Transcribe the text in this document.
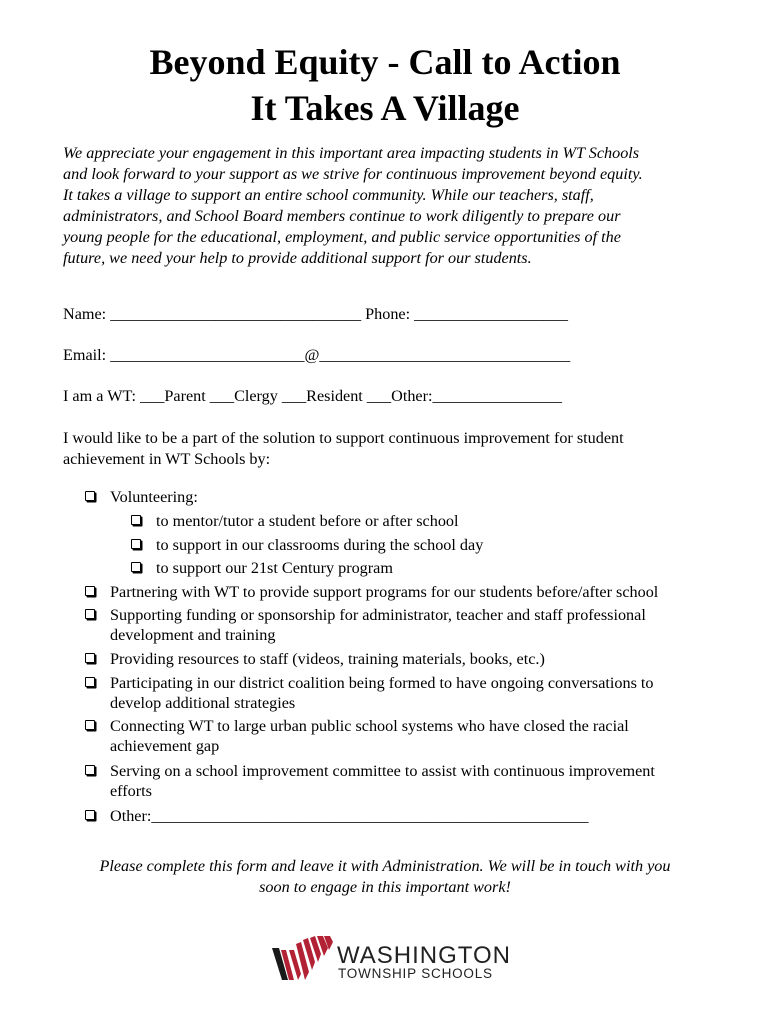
Beyond Equity - Call to Action
It Takes A Village
We appreciate your engagement in this important area impacting students in WT Schools
and look forward to your support as we strive for continuous improvement beyond equity.
It takes a village to support an entire school community. While our teachers, staff,
administrators, and School Board members continue to work diligently to prepare our
young people for the educational, employment, and public service opportunities of the
future, we need your help to provide additional support for our students.
Name: _______________________________ Phone: ___________________
Email: ________________________@_______________________________
I am a WT: ___Parent ___Clergy ___Resident ___Other:________________
I would like to be a part of the solution to support continuous improvement for student
achievement in WT Schools by:
Volunteering:
to mentor/tutor a student before or after school
to support in our classrooms during the school day
to support our 21st Century program
Partnering with WT to provide support programs for our students before/after school
Supporting funding or sponsorship for administrator, teacher and staff professional
development and training
Providing resources to staff (videos, training materials, books, etc.)
Participating in our district coalition being formed to have ongoing conversations to
develop additional strategies
Connecting WT to large urban public school systems who have closed the racial
achievement gap
Serving on a school improvement committee to assist with continuous improvement
efforts
Other:______________________________________________________
Please complete this form and leave it with Administration. We will be in touch with you
soon to engage in this important work!
WASHINGTON
TOWNSHIP SCHOOLS
